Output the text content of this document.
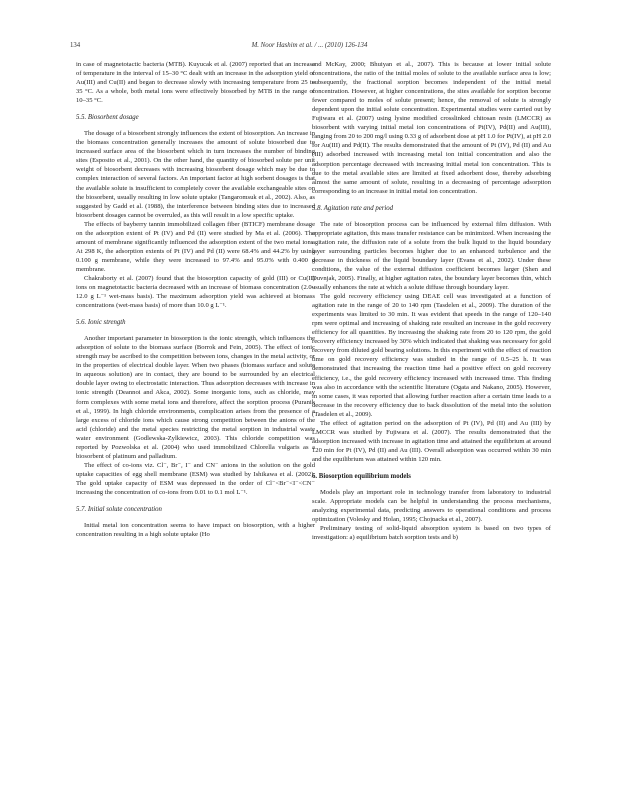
134	M. Noor Hashim et al. / ... (2010) 126-134

in case of magnetotactic bacteria (MTB). Kuyucak et al. (2007) reported that an increase of temperature in the interval of 15–30 °C dealt with an increase in the adsorption yield of Au(III) and Cu(II) and began to decrease slowly with increasing temperature from 25 to 35 °C. As a whole, both metal ions were effectively biosorbed by MTB in the range of 10–35 °C.

5.5. Biosorbent dosage

The dosage of a biosorbent strongly influences the extent of biosorption. An increase in the biomass concentration generally increases the amount of solute biosorbed due to increased surface area of the biosorbent which in turn increases the number of binding sites (Esposito et al., 2001). On the other hand, the quantity of biosorbed solute per unit weight of biosorbent decreases with increasing biosorbent dosage which may be due to complex interaction of several factors. An important factor at high sorbent dosages is that the available solute is insufficient to completely cover the available exchangeable sites on the biosorbent, usually resulting in low solute uptake (Tangaromsuk et al., 2002). Also, as suggested by Gadd et al. (1988), the interference between binding sites due to increased biosorbent dosages cannot be overruled, as this will result in a low specific uptake.

The effects of bayberry tannin immobilized collagen fiber (BTICF) membrane dosage on the adsorption extent of Pt (IV) and Pd (II) were studied by Ma et al. (2006). The amount of membrane significantly influenced the adsorption extent of the two metal ions. At 298 K, the adsorption extents of Pt (IV) and Pd (II) were 68.4% and 44.2% by using 0.100 g membrane, while they were increased to 97.4% and 95.0% with 0.400 g membrane.

Chakraborty et al. (2007) found that the biosorption capacity of gold (III) or Cu(II) ions on magnetotactic bacteria decreased with an increase of biomass concentration (2.0–12.0 g L⁻¹ wet-mass basis). The maximum adsorption yield was achieved at biomass concentrations (wet-mass basis) of more than 10.0 g L⁻¹.

5.6. Ionic strength

Another important parameter in biosorption is the ionic strength, which influences the adsorption of solute to the biomass surface (Borrok and Fein, 2005). The effect of ionic strength may be ascribed to the competition between ions, changes in the metal activity, or in the properties of electrical double layer. When two phases (biomass surface and solute in aqueous solution) are in contact, they are bound to be surrounded by an electrical double layer owing to electrostatic interaction. Thus adsorption decreases with increase in ionic strength (Deannoi and Akca, 2002). Some inorganic ions, such as chloride, may form complexes with some metal ions and therefore, affect the sorption process (Puranik et al., 1999). In high chloride environments, complication arises from the presence of a large excess of chloride ions which cause strong competition between the anions of the acid (chloride) and the metal species restricting the metal sorption in industrial waste water environment (Godlewska-Zylkiewicz, 2003). This chloride competition was reported by Pozwolska et al. (2004) who used immobilized Chlorella vulgaris as a biosorbent of platinum and palladium.

The effect of co-ions viz. Cl⁻, Br⁻, I⁻ and CN⁻ anions in the solution on the gold uptake capacities of egg shell membrane (ESM) was studied by Ishikawa et al. (2002). The gold uptake capacity of ESM was depressed in the order of Cl⁻<Br⁻<I⁻<CN⁻ increasing the concentration of co-ions from 0.01 to 0.1 mol L⁻¹.

5.7. Initial solute concentration

Initial metal ion concentration seems to have impact on biosorption, with a higher concentration resulting in a high solute uptake (Ho

and McKay, 2000; Bhuiyan et al., 2007). This is because at lower initial solute concentrations, the ratio of the initial moles of solute to the available surface area is low; subsequently, the fractional sorption becomes independent of the initial metal concentration. However, at higher concentrations, the sites available for sorption become fewer compared to moles of solute present; hence, the removal of solute is strongly dependent upon the initial solute concentration. Experimental studies were carried out by Fujiwara et al. (2007) using lysine modified crosslinked chitosan resin (LMCCR) as biosorbent with varying initial metal ion concentrations of Pt(IV), Pd(II) and Au(III), ranging from 20 to 200 mg/l using 0.33 g of adsorbent dose at pH 1.0 for Pt(IV), at pH 2.0 for Au(III) and Pd(II). The results demonstrated that the amount of Pt (IV), Pd (II) and Au (III) adsorbed increased with increasing metal ion initial concentration and also the adsorption percentage decreased with increasing initial metal ion concentration. This is due to the metal available sites are limited at fixed adsorbent dose, thereby adsorbing almost the same amount of solute, resulting in a decreasing of percentage adsorption corresponding to an increase in initial metal ion concentration.

5.8. Agitation rate and period

The rate of biosorption process can be influenced by external film diffusion. With appropriate agitation, this mass transfer resistance can be minimized. When increasing the agitation rate, the diffusion rate of a solute from the bulk liquid to the liquid boundary layer surrounding particles becomes higher due to an enhanced turbulence and the decrease in thickness of the liquid boundary layer (Evans et al., 2002). Under these conditions, the value of the external diffusion coefficient becomes larger (Shen and Duvnjak, 2005). Finally, at higher agitation rates, the boundary layer becomes thin, which usually enhances the rate at which a solute diffuse through boundary layer.

The gold recovery efficiency using DEAE cell was investigated at a function of agitation rate in the range of 20 to 140 rpm (Tasdelen et al., 2009). The duration of the experiments was limited to 30 min. It was evident that speeds in the range of 120–140 rpm were optimal and increasing of shaking rate resulted an increase in the gold recovery efficiency for all quantities. By increasing the shaking rate from 20 to 120 rpm, the gold recovery efficiency increased by 30% which indicated that shaking was necessary for gold recovery from diluted gold bearing solutions. In this experiment with the effect of reaction time on gold recovery efficiency was studied in the range of 0.5–25 h. It was demonstrated that increasing the reaction time had a positive effect on gold recovery efficiency, i.e., the gold recovery efficiency increased with increased time. This finding was also in accordance with the scientific literature (Ogata and Nakano, 2005). However, in some cases, it was reported that allowing further reaction after a certain time leads to a decrease in the recovery efficiency due to back dissolution of the metal into the solution (Tasdelen et al., 2009).

The effect of agitation period on the adsorption of Pt (IV), Pd (II) and Au (III) by LMCCR was studied by Fujiwara et al. (2007). The results demonstrated that the adsorption increased with increase in agitation time and attained the equilibrium at around 120 min for Pt (IV), Pd (II) and Au (III). Overall adsorption was occurred within 30 min and the equilibrium was attained within 120 min.

6. Biosorption equilibrium models

Models play an important role in technology transfer from laboratory to industrial scale. Appropriate models can be helpful in understanding the process mechanisms, analyzing experimental data, predicting answers to operational conditions and process optimization (Volesky and Holan, 1995; Chojnacka et al., 2007).

Preliminary testing of solid-liquid absorption system is based on two types of investigation: a) equilibrium batch sorption tests and b)
